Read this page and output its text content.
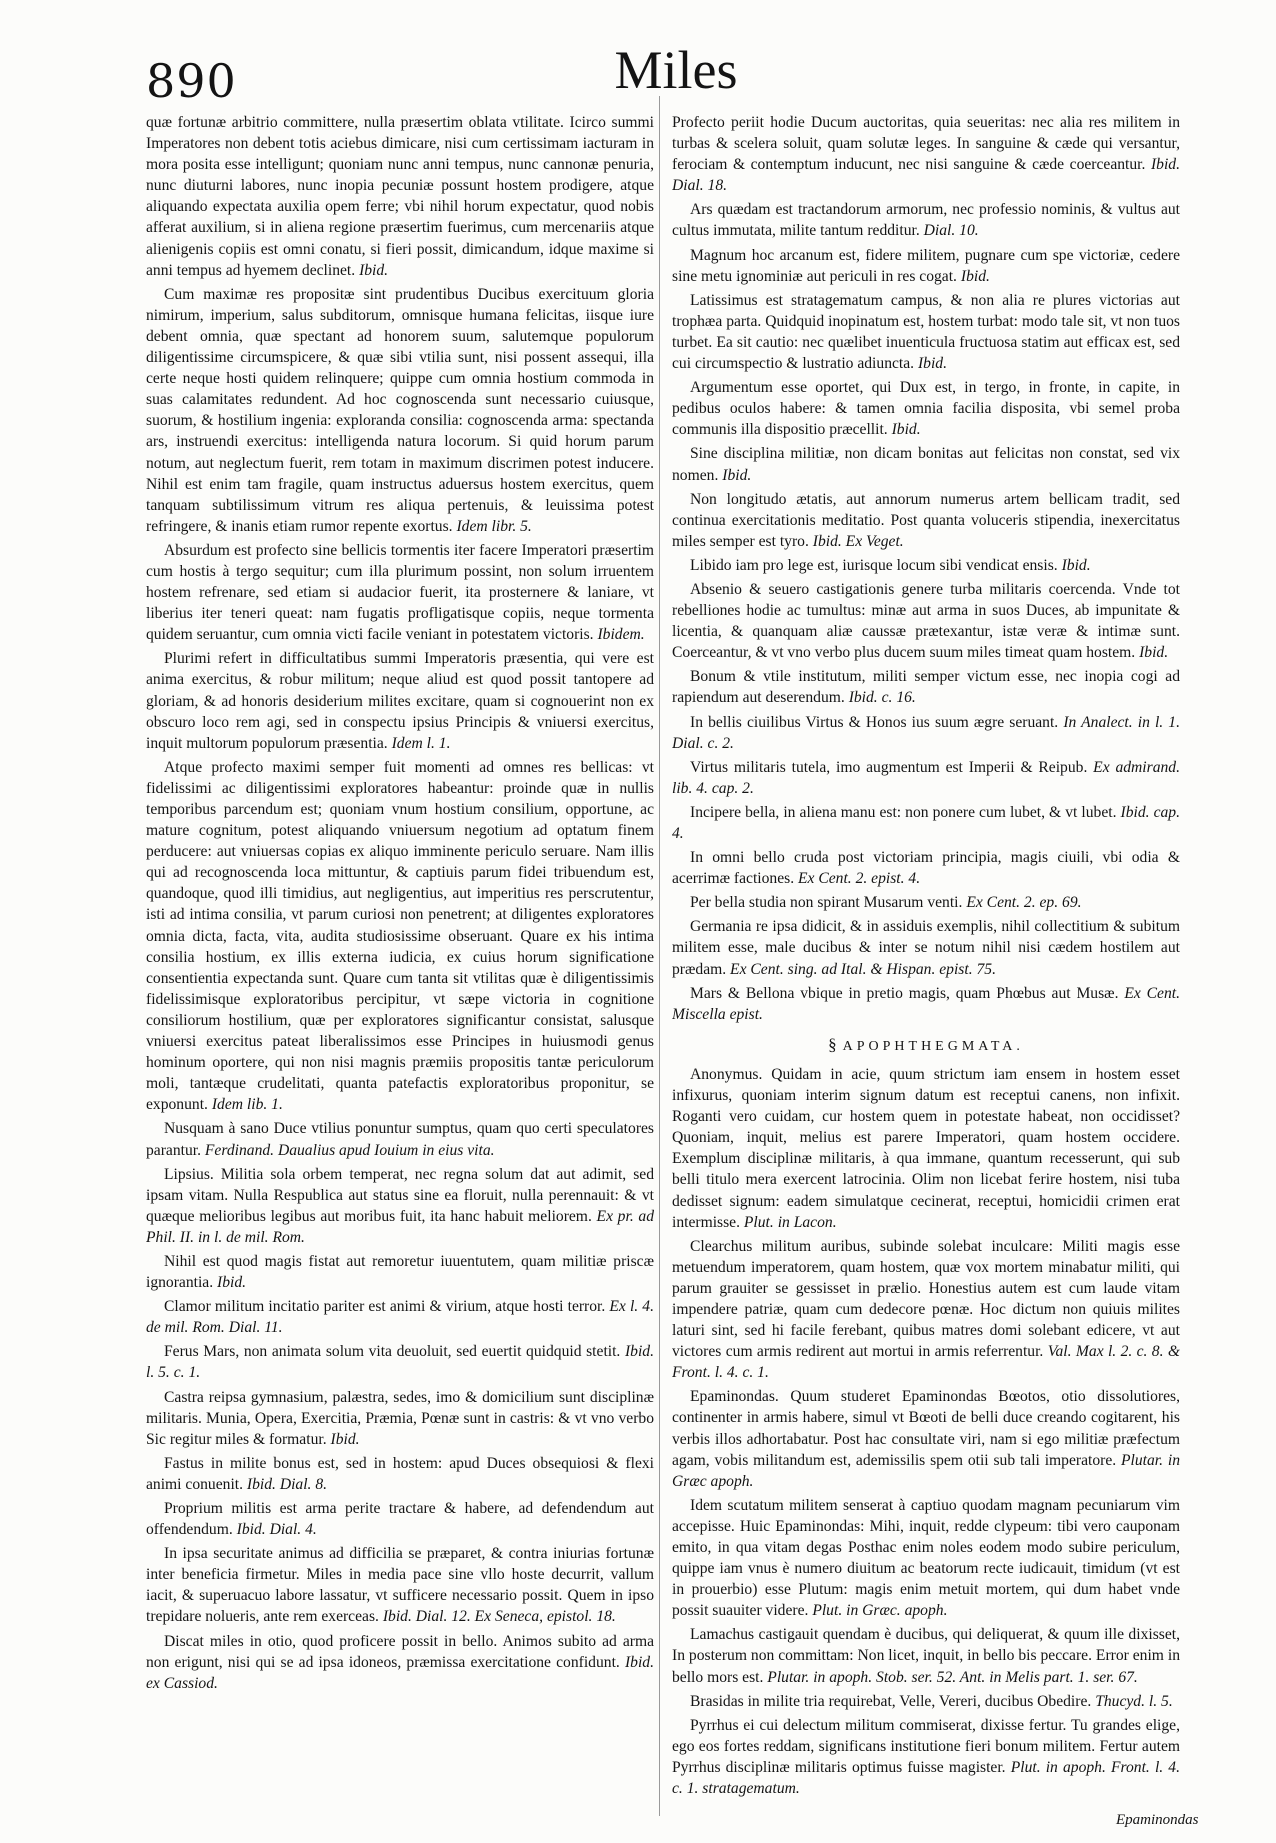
890	Miles

quæ fortunæ arbitrio committere, nulla præsertim oblata vtilitate. Icirco summi Imperatores non debent totis aciebus dimicare, nisi cum certissimam iacturam in mora posita esse intelligunt; quoniam nunc anni tempus, nunc cannonæ penuria, nunc diuturni labores, nunc inopia pecuniæ possunt hostem prodigere, atque aliquando expectata auxilia opem ferre; vbi nihil horum expectatur, quod nobis afferat auxilium, si in aliena regione præsertim fuerimus, cum mercenariis atque alienigenis copiis est omni conatu, si fieri possit, dimicandum, idque maxime si anni tempus ad hyemem declinet. Ibid.

Cum maximæ res propositæ sint prudentibus Ducibus exercituum gloria nimirum, imperium, salus subditorum, omnisque humana felicitas, iisque iure debent omnia, quæ spectant ad honorem suum, salutemque populorum diligentissime circumspicere, & quæ sibi vtilia sunt, nisi possent assequi, illa certe neque hosti quidem relinquere; quippe cum omnia hostium commoda in suas calamitates redundent. Ad hoc cognoscenda sunt necessario cuiusque, suorum, & hostilium ingenia: exploranda consilia: cognoscenda arma: spectanda ars, instruendi exercitus: intelligenda natura locorum. Si quid horum parum notum, aut neglectum fuerit, rem totam in maximum discrimen potest inducere. Nihil est enim tam fragile, quam instructus aduersus hostem exercitus, quem tanquam subtilissimum vitrum res aliqua pertenuis, & leuissima potest refringere, & inanis etiam rumor repente exortus. Idem libr. 5.

Absurdum est profecto sine bellicis tormentis iter facere Imperatori præsertim cum hostis à tergo sequitur; cum illa plurimum possint, non solum irruentem hostem refrenare, sed etiam si audacior fuerit, ita prosternere & laniare, vt liberius iter teneri queat: nam fugatis profligatisque copiis, neque tormenta quidem seruantur, cum omnia victi facile veniant in potestatem victoris. Ibidem.

Plurimi refert in difficultatibus summi Imperatoris præsentia, qui vere est anima exercitus, & robur militum; neque aliud est quod possit tantopere ad gloriam, & ad honoris desiderium milites excitare, quam si cognouerint non ex obscuro loco rem agi, sed in conspectu ipsius Principis & vniuersi exercitus, inquit multorum populorum præsentia. Idem l. 1.

Atque profecto maximi semper fuit momenti ad omnes res bellicas: vt fidelissimi ac diligentissimi exploratores habeantur: proinde quæ in nullis temporibus parcendum est; quoniam vnum hostium consilium, opportune, ac mature cognitum, potest aliquando vniuersum negotium ad optatum finem perducere: aut vniuersas copias ex aliquo imminente periculo seruare. Nam illis qui ad recognoscenda loca mittuntur, & captiuis parum fidei tribuendum est, quandoque, quod illi timidius, aut negligentius, aut imperitius res perscrutentur, isti ad intima consilia, vt parum curiosi non penetrent; at diligentes exploratores omnia dicta, facta, vita, audita studiosissime obseruant. Quare ex his intima consilia hostium, ex illis externa iudicia, ex cuius horum significatione consentientia expectanda sunt. Quare cum tanta sit vtilitas quæ è diligentissimis fidelissimisque exploratoribus percipitur, vt sæpe victoria in cognitione consiliorum hostilium, quæ per exploratores significantur consistat, salusque vniuersi exercitus pateat liberalissimos esse Principes in huiusmodi genus hominum oportere, qui non nisi magnis præmiis propositis tantæ periculorum moli, tantæque crudelitati, quanta patefactis exploratoribus proponitur, se exponunt. Idem lib. 1.

Nusquam à sano Duce vtilius ponuntur sumptus, quam quo certi speculatores parantur. Ferdinand. Daualius apud Iouium in eius vita.

Lipsius. Militia sola orbem temperat, nec regna solum dat aut adimit, sed ipsam vitam. Nulla Respublica aut status sine ea floruit, nulla perennauit: & vt quæque melioribus legibus aut moribus fuit, ita hanc habuit meliorem. Ex pr. ad Phil. II. in l. de mil. Rom.

Nihil est quod magis fistat aut remoretur iuuentutem, quam militiæ priscæ ignorantia. Ibid.

Clamor militum incitatio pariter est animi & virium, atque hosti terror. Ex l. 4. de mil. Rom. Dial. 11.

Ferus Mars, non animata solum vita deuoluit, sed euertit quidquid stetit. Ibid. l. 5. c. 1.

Castra reipsa gymnasium, palæstra, sedes, imo & domicilium sunt disciplinæ militaris. Munia, Opera, Exercitia, Præmia, Pœnæ sunt in castris: & vt vno verbo Sic regitur miles & formatur. Ibid.

Fastus in milite bonus est, sed in hostem: apud Duces obsequiosi & flexi animi conuenit. Ibid. Dial. 8.

Proprium militis est arma perite tractare & habere, ad defendendum aut offendendum. Ibid. Dial. 4.

In ipsa securitate animus ad difficilia se præparet, & contra iniurias fortunæ inter beneficia firmetur. Miles in media pace sine vllo hoste decurrit, vallum iacit, & superuacuo labore lassatur, vt sufficere necessario possit. Quem in ipso trepidare nolueris, ante rem exerceas. Ibid. Dial. 12. Ex Seneca, epistol. 18.

Discat miles in otio, quod proficere possit in bello. Animos subito ad arma non erigunt, nisi qui se ad ipsa idoneos, præmissa exercitatione confidunt. Ibid. ex Cassiod.

Profecto periit hodie Ducum auctoritas, quia seueritas: nec alia res militem in turbas & scelera soluit, quam solutæ leges. In sanguine & cæde qui versantur, ferociam & contemptum inducunt, nec nisi sanguine & cæde coerceantur. Ibid. Dial. 18.

Ars quædam est tractandorum armorum, nec professio nominis, & vultus aut cultus immutata, milite tantum redditur. Dial. 10.

Magnum hoc arcanum est, fidere militem, pugnare cum spe victoriæ, cedere sine metu ignominiæ aut periculi in res cogat. Ibid.

Latissimus est stratagematum campus, & non alia re plures victorias aut trophæa parta. Quidquid inopinatum est, hostem turbat: modo tale sit, vt non tuos turbet. Ea sit cautio: nec quælibet inuenticula fructuosa statim aut efficax est, sed cui circumspectio & lustratio adiuncta. Ibid.

Argumentum esse oportet, qui Dux est, in tergo, in fronte, in capite, in pedibus oculos habere: & tamen omnia facilia disposita, vbi semel proba communis illa dispositio præcellit. Ibid.

Sine disciplina militiæ, non dicam bonitas aut felicitas non constat, sed vix nomen. Ibid.

Non longitudo ætatis, aut annorum numerus artem bellicam tradit, sed continua exercitationis meditatio. Post quanta voluceris stipendia, inexercitatus miles semper est tyro. Ibid. Ex Veget.

Libido iam pro lege est, iurisque locum sibi vendicat ensis. Ibid.

Absenio & seuero castigationis genere turba militaris coercenda. Vnde tot rebelliones hodie ac tumultus: minæ aut arma in suos Duces, ab impunitate & licentia, & quanquam aliæ caussæ prætexantur, istæ veræ & intimæ sunt. Coerceantur, & vt vno verbo plus ducem suum miles timeat quam hostem. Ibid.

Bonum & vtile institutum, militi semper victum esse, nec inopia cogi ad rapiendum aut deserendum. Ibid. c. 16.

In bellis ciuilibus Virtus & Honos ius suum ægre seruant. In Analect. in l. 1. Dial. c. 2.

Virtus militaris tutela, imo augmentum est Imperii & Reipub. Ex admirand. lib. 4. cap. 2.

Incipere bella, in aliena manu est: non ponere cum lubet, & vt lubet. Ibid. cap. 4.

In omni bello cruda post victoriam principia, magis ciuili, vbi odia & acerrimæ factiones. Ex Cent. 2. epist. 4.

Per bella studia non spirant Musarum venti. Ex Cent. 2. ep. 69.

Germania re ipsa didicit, & in assiduis exemplis, nihil collectitium & subitum militem esse, male ducibus & inter se notum nihil nisi cædem hostilem aut prædam. Ex Cent. sing. ad Ital. & Hispan. epist. 75.

Mars & Bellona vbique in pretio magis, quam Phœbus aut Musæ. Ex Cent. Miscella epist.

§ APOPHTHEGMATA.

Anonymus. Quidam in acie, quum strictum iam ensem in hostem esset infixurus, quoniam interim signum datum est receptui canens, non infixit. Roganti vero cuidam, cur hostem quem in potestate habeat, non occidisset? Quoniam, inquit, melius est parere Imperatori, quam hostem occidere. Exemplum disciplinæ militaris, à qua immane, quantum recesserunt, qui sub belli titulo mera exercent latrocinia. Olim non licebat ferire hostem, nisi tuba dedisset signum: eadem simulatque cecinerat, receptui, homicidii crimen erat intermisse. Plut. in Lacon.

Clearchus militum auribus, subinde solebat inculcare: Militi magis esse metuendum imperatorem, quam hostem, quæ vox mortem minabatur militi, qui parum grauiter se gessisset in prælio. Honestius autem est cum laude vitam impendere patriæ, quam cum dedecore pœnæ. Hoc dictum non quiuis milites laturi sint, sed hi facile ferebant, quibus matres domi solebant edicere, vt aut victores cum armis redirent aut mortui in armis referrentur. Val. Max l. 2. c. 8. & Front. l. 4. c. 1.

Epaminondas. Quum studeret Epaminondas Bœotos, otio dissolutiores, continenter in armis habere, simul vt Bœoti de belli duce creando cogitarent, his verbis illos adhortabatur. Post hac consultate viri, nam si ego militiæ præfectum agam, vobis militandum est, ademissilis spem otii sub tali imperatore. Plutar. in Græc apoph.

Idem scutatum militem senserat à captiuo quodam magnam pecuniarum vim accepisse. Huic Epaminondas: Mihi, inquit, redde clypeum: tibi vero cauponam emito, in qua vitam degas Posthac enim noles eodem modo subire periculum, quippe iam vnus è numero diuitum ac beatorum recte iudicauit, timidum (vt est in prouerbio) esse Plutum: magis enim metuit mortem, qui dum habet vnde possit suauiter videre. Plut. in Græc. apoph.

Lamachus castigauit quendam è ducibus, qui deliquerat, & quum ille dixisset, In posterum non committam: Non licet, inquit, in bello bis peccare. Error enim in bello mors est. Plutar. in apoph. Stob. ser. 52. Ant. in Melis part. 1. ser. 67.

Brasidas in milite tria requirebat, Velle, Vereri, ducibus Obedire. Thucyd. l. 5.

Pyrrhus ei cui delectum militum commiserat, dixisse fertur. Tu grandes elige, ego eos fortes reddam, significans institutione fieri bonum militem. Fertur autem Pyrrhus disciplinæ militaris optimus fuisse magister. Plut. in apoph. Front. l. 4. c. 1. stratagematum.

Epaminondas
